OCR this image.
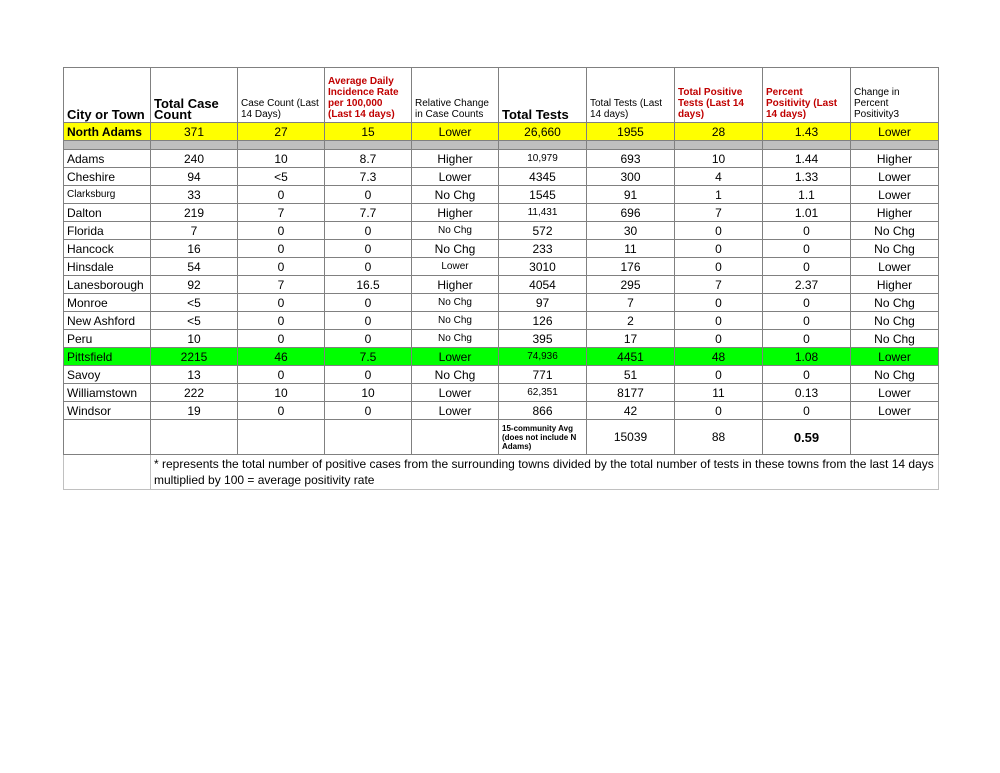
City or Town	Total Case Count	Case Count (Last 14 Days)	Average Daily Incidence Rate per 100,000 (Last 14 days)	Relative Change in Case Counts	Total Tests	Total Tests (Last 14 days)	Total Positive Tests (Last 14 days)	Percent Positivity (Last 14 days)	Change in Percent Positivity3
North Adams	371	27	15	Lower	26,660	1955	28	1.43	Lower

Adams	240	10	8.7	Higher	10,979	693	10	1.44	Higher
Cheshire	94	<5	7.3	Lower	4345	300	4	1.33	Lower
Clarksburg	33	0	0	No Chg	1545	91	1	1.1	Lower
Dalton	219	7	7.7	Higher	11,431	696	7	1.01	Higher
Florida	7	0	0	No Chg	572	30	0	0	No Chg
Hancock	16	0	0	No Chg	233	11	0	0	No Chg
Hinsdale	54	0	0	Lower	3010	176	0	0	Lower
Lanesborough	92	7	16.5	Higher	4054	295	7	2.37	Higher
Monroe	<5	0	0	No Chg	97	7	0	0	No Chg
New Ashford	<5	0	0	No Chg	126	2	0	0	No Chg
Peru	10	0	0	No Chg	395	17	0	0	No Chg
Pittsfield	2215	46	7.5	Lower	74,936	4451	48	1.08	Lower
Savoy	13	0	0	No Chg	771	51	0	0	No Chg
Williamstown	222	10	10	Lower	62,351	8177	11	0.13	Lower
Windsor	19	0	0	Lower	866	42	0	0	Lower
					15-community Avg (does not include N Adams)	15039	88	0.59	
	* represents the total number of positive cases from the surrounding towns divided by the total number of tests in these towns from the last 14 days multiplied by 100 = average positivity rate								
